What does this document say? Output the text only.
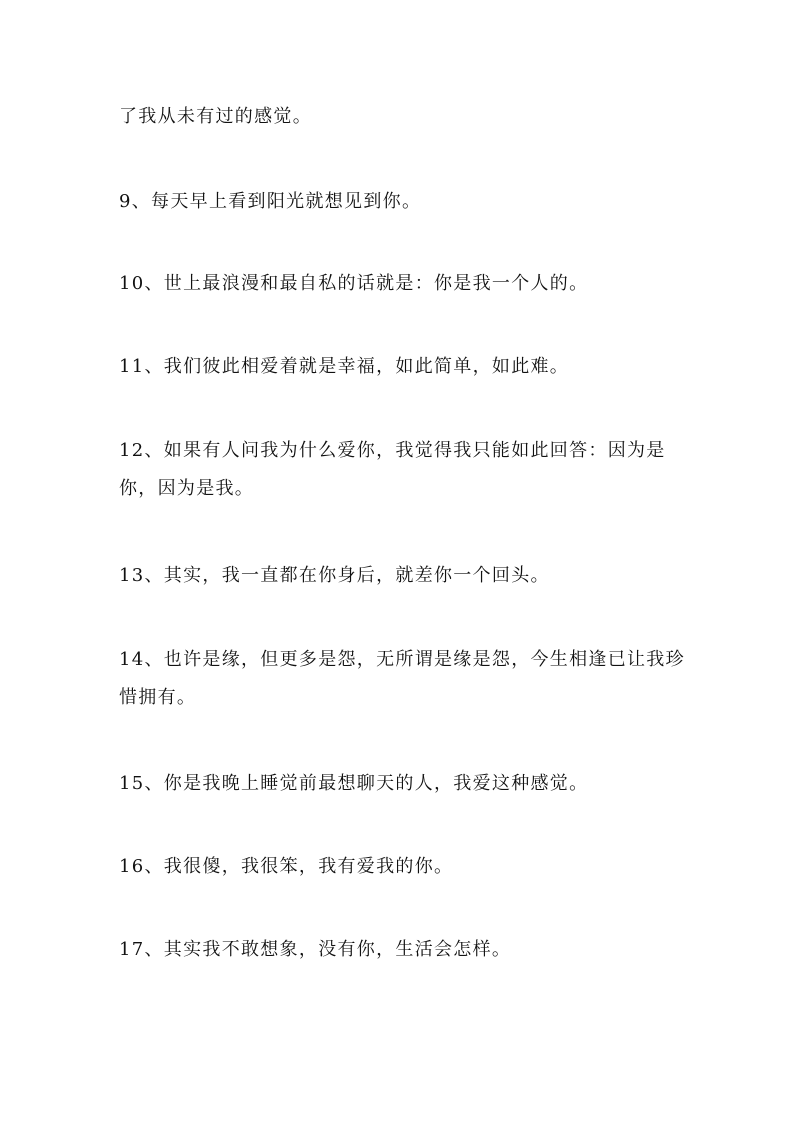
了我从未有过的感觉。

9、每天早上看到阳光就想见到你。

10、世上最浪漫和最自私的话就是：你是我一个人的。

11、我们彼此相爱着就是幸福，如此简单，如此难。

12、如果有人问我为什么爱你，我觉得我只能如此回答：因为是你，因为是我。

13、其实，我一直都在你身后，就差你一个回头。

14、也许是缘，但更多是怨，无所谓是缘是怨，今生相逢已让我珍惜拥有。

15、你是我晚上睡觉前最想聊天的人，我爱这种感觉。

16、我很傻，我很笨，我有爱我的你。

17、其实我不敢想象，没有你，生活会怎样。
